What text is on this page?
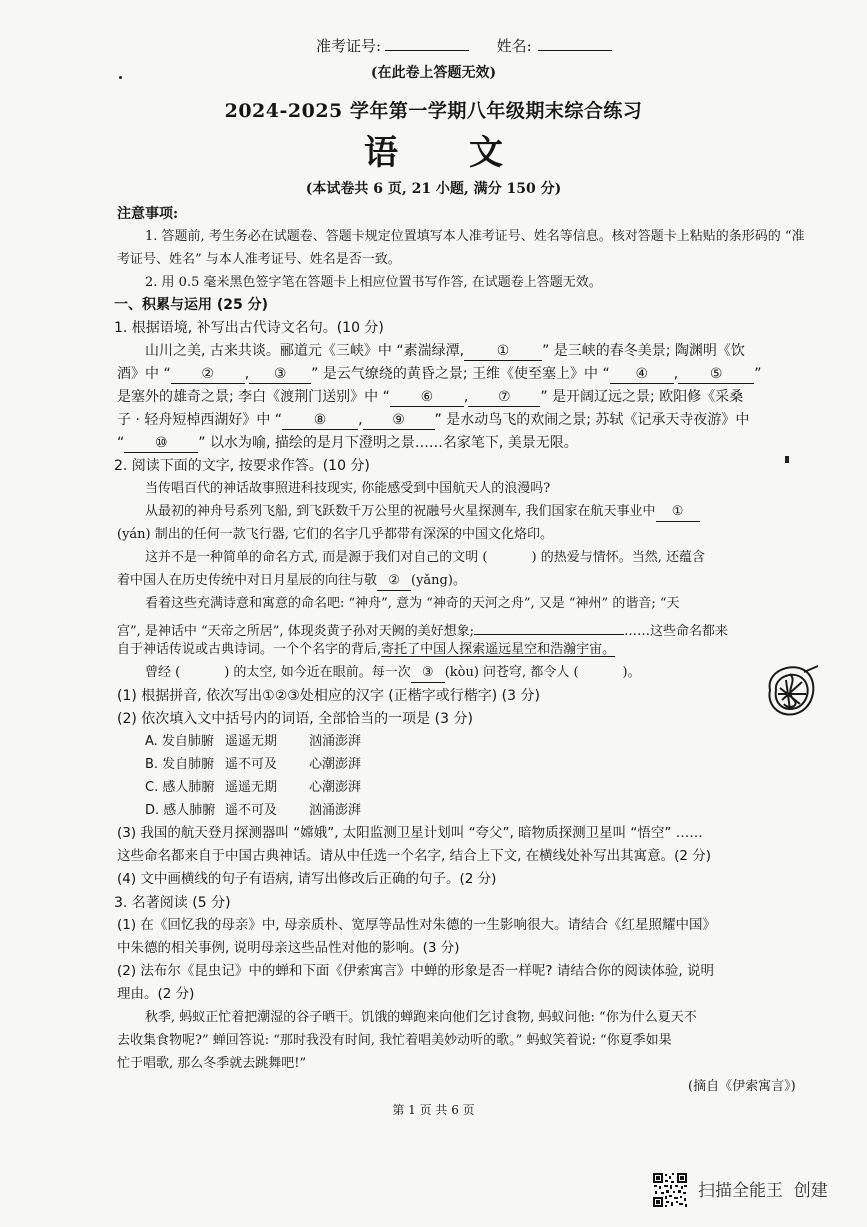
准考证号:	姓名:
(在此卷上答题无效)
2024-2025 学年第一学期八年级期末综合练习
语      文
(本试卷共 6 页, 21 小题, 满分 150 分)
注意事项:
1. 答题前, 考生务必在试题卷、答题卡规定位置填写本人准考证号、姓名等信息。核对答题卡上粘贴的条形码的 “准
考证号、姓名” 与本人准考证号、姓名是否一致。
2. 用 0.5 毫米黑色签字笔在答题卡上相应位置书写作答, 在试题卷上答题无效。
一、积累与运用 (25 分)
1. 根据语境, 补写出古代诗文名句。(10 分)
山川之美, 古来共谈。郦道元《三峡》中 “素湍绿潭, ① ” 是三峡的春冬美景; 陶渊明《饮
酒》中 “ ② , ③ ” 是云气缭绕的黄昏之景; 王维《使至塞上》中 “ ④ , ⑤ ”
是塞外的雄奇之景; 李白《渡荆门送别》中 “ ⑥ , ⑦ ” 是开阔辽远之景; 欧阳修《采桑
子 · 轻舟短棹西湖好》中 “ ⑧ , ⑨ ” 是水动鸟飞的欢闹之景; 苏轼《记承天寺夜游》中
“ ⑩ ” 以水为喻, 描绘的是月下澄明之景……名家笔下, 美景无限。
2. 阅读下面的文字, 按要求作答。(10 分)
当传唱百代的神话故事照进科技现实, 你能感受到中国航天人的浪漫吗?
从最初的神舟号系列飞船, 到飞跃数千万公里的祝融号火星探测车, 我们国家在航天事业中 ①
(yán) 制出的任何一款飞行器, 它们的名字几乎都带有深深的中国文化烙印。
这并不是一种简单的命名方式, 而是源于我们对自己的文明 (	) 的热爱与情怀。当然, 还蕴含
着中国人在历史传统中对日月星辰的向往与敬 ② (yǎng)。
看着这些充满诗意和寓意的命名吧: “神舟”, 意为 “神奇的天河之舟”, 又是 “神州” 的谐音; “天
宫”, 是神话中 “天帝之所居”, 体现炎黄子孙对天阙的美好想象;	……这些命名都来
自于神话传说或古典诗词。一个个名字的背后,寄托了中国人探索遥远星空和浩瀚宇宙。
曾经 (	) 的太空, 如今近在眼前。每一次 ③ (kòu) 问苍穹, 都令人 (	)。
(1) 根据拼音, 依次写出①②③处相应的汉字 (正楷字或行楷字) (3 分)
(2) 依次填入文中括号内的词语, 全部恰当的一项是 (3 分)
A. 发自肺腑 遥遥无期 汹涌澎湃
B. 发自肺腑 遥不可及 心潮澎湃
C. 感人肺腑 遥遥无期 心潮澎湃
D. 感人肺腑 遥不可及 汹涌澎湃
(3) 我国的航天登月探测器叫 “嫦娥”, 太阳监测卫星计划叫 “夸父”, 暗物质探测卫星叫 “悟空” ……
这些命名都来自于中国古典神话。请从中任选一个名字, 结合上下文, 在横线处补写出其寓意。(2 分)
(4) 文中画横线的句子有语病, 请写出修改后正确的句子。(2 分)
3. 名著阅读 (5 分)
(1) 在《回忆我的母亲》中, 母亲质朴、宽厚等品性对朱德的一生影响很大。请结合《红星照耀中国》
中朱德的相关事例, 说明母亲这些品性对他的影响。(3 分)
(2) 法布尔《昆虫记》中的蝉和下面《伊索寓言》中蝉的形象是否一样呢? 请结合你的阅读体验, 说明
理由。(2 分)
秋季, 蚂蚁正忙着把潮湿的谷子晒干。饥饿的蝉跑来向他们乞讨食物, 蚂蚁问他: “你为什么夏天不
去收集食物呢?” 蝉回答说: “那时我没有时间, 我忙着唱美妙动听的歌。” 蚂蚁笑着说: “你夏季如果
忙于唱歌, 那么冬季就去跳舞吧!”
(摘自《伊索寓言》)
第 1 页 共 6 页
扫描全能王  创建
